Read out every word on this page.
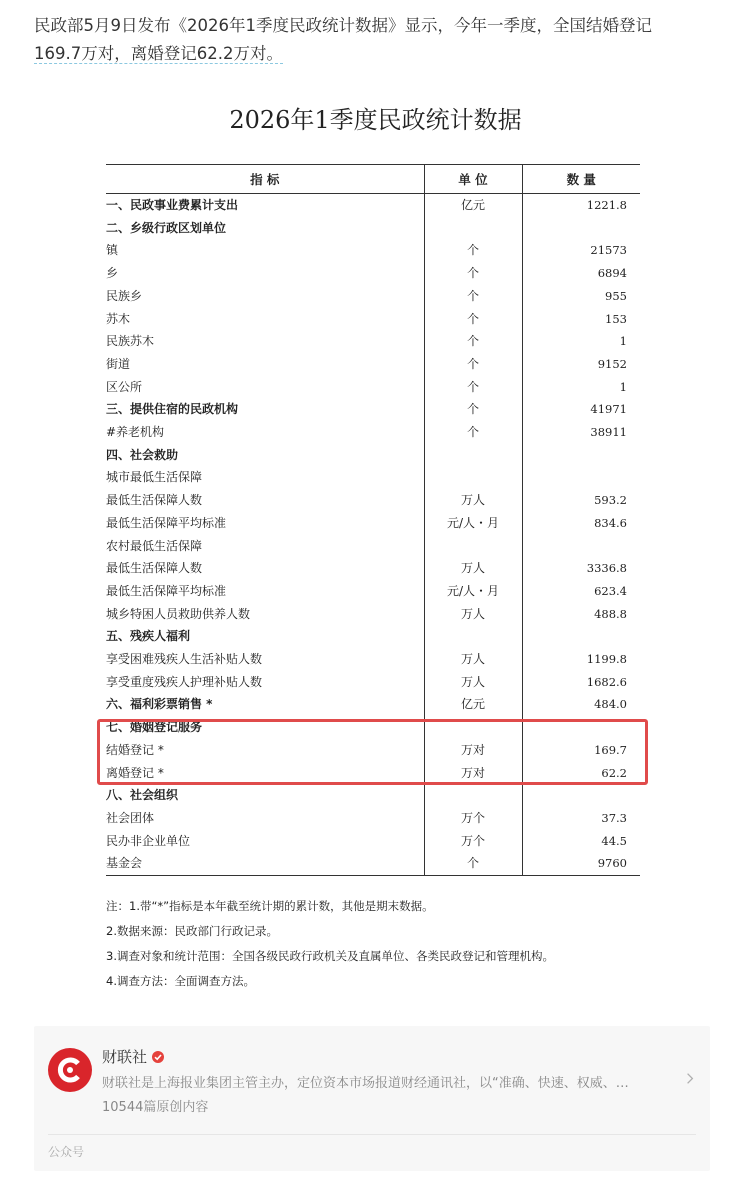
民政部5月9日发布《2026年1季度民政统计数据》显示，今年一季度，全国结婚登记
169.7万对，离婚登记62.2万对。
2026年1季度民政统计数据
指 标	单 位	数 量
一、民政事业费累计支出	亿元	1221.8
二、乡级行政区划单位		
镇	个	21573
乡	个	6894
民族乡	个	955
苏木	个	153
民族苏木	个	1
街道	个	9152
区公所	个	1
三、提供住宿的民政机构	个	41971
#养老机构	个	38911
四、社会救助		
城市最低生活保障		
最低生活保障人数	万人	593.2
最低生活保障平均标准	元/人・月	834.6
农村最低生活保障		
最低生活保障人数	万人	3336.8
最低生活保障平均标准	元/人・月	623.4
城乡特困人员救助供养人数	万人	488.8
五、残疾人福利		
享受困难残疾人生活补贴人数	万人	1199.8
享受重度残疾人护理补贴人数	万人	1682.6
六、福利彩票销售 *	亿元	484.0
七、婚姻登记服务		
结婚登记 *	万对	169.7
离婚登记 *	万对	62.2
八、社会组织		
社会团体	万个	37.3
民办非企业单位	万个	44.5
基金会	个	9760
注：1.带“*”指标是本年截至统计期的累计数，其他是期末数据。
2.数据来源：民政部门行政记录。
3.调查对象和统计范围：全国各级民政行政机关及直属单位、各类民政登记和管理机构。
4.调查方法：全面调查方法。
财联社
财联社是上海报业集团主管主办，定位资本市场报道财经通讯社，以“准确、快速、权威、…
10544篇原创内容
公众号
